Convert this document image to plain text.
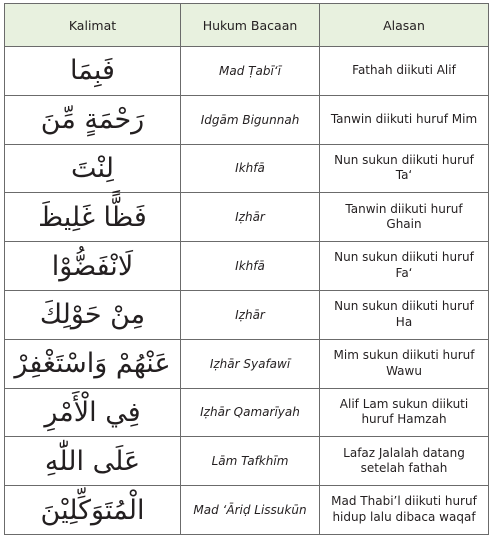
Kalimat	Hukum Bacaan	Alasan
فَبِمَا	Mad Ṭabī‘ī	Fathah diikuti Alif
رَحْمَةٍ مِّنَ	Idgām Bigunnah	Tanwin diikuti huruf Mim
لِنْتَ	Ikhfā	Nun sukun diikuti huruf Ta‘
فَظًّا غَلِيظَ	Iẓhār	Tanwin diikuti huruf Ghain
لَانْفَضُّوْا	Ikhfā	Nun sukun diikuti huruf Fa‘
مِنْ حَوْلِكَ	Iẓhār	Nun sukun diikuti huruf Ha
عَنْهُمْ وَاسْتَغْفِرْ	Iẓhār Syafawī	Mim sukun diikuti huruf Wawu
فِي الْأَمْرِ	Iẓhār Qamarīyah	Alif Lam sukun diikuti huruf Hamzah
عَلَى اللّٰهِ	Lām Tafkhīm	Lafaz Jalalah datang setelah fathah
الْمُتَوَكِّلِيْنَ	Mad ‘Āriḍ Lissukūn	Mad Thabi’l diikuti huruf hidup lalu dibaca waqaf
